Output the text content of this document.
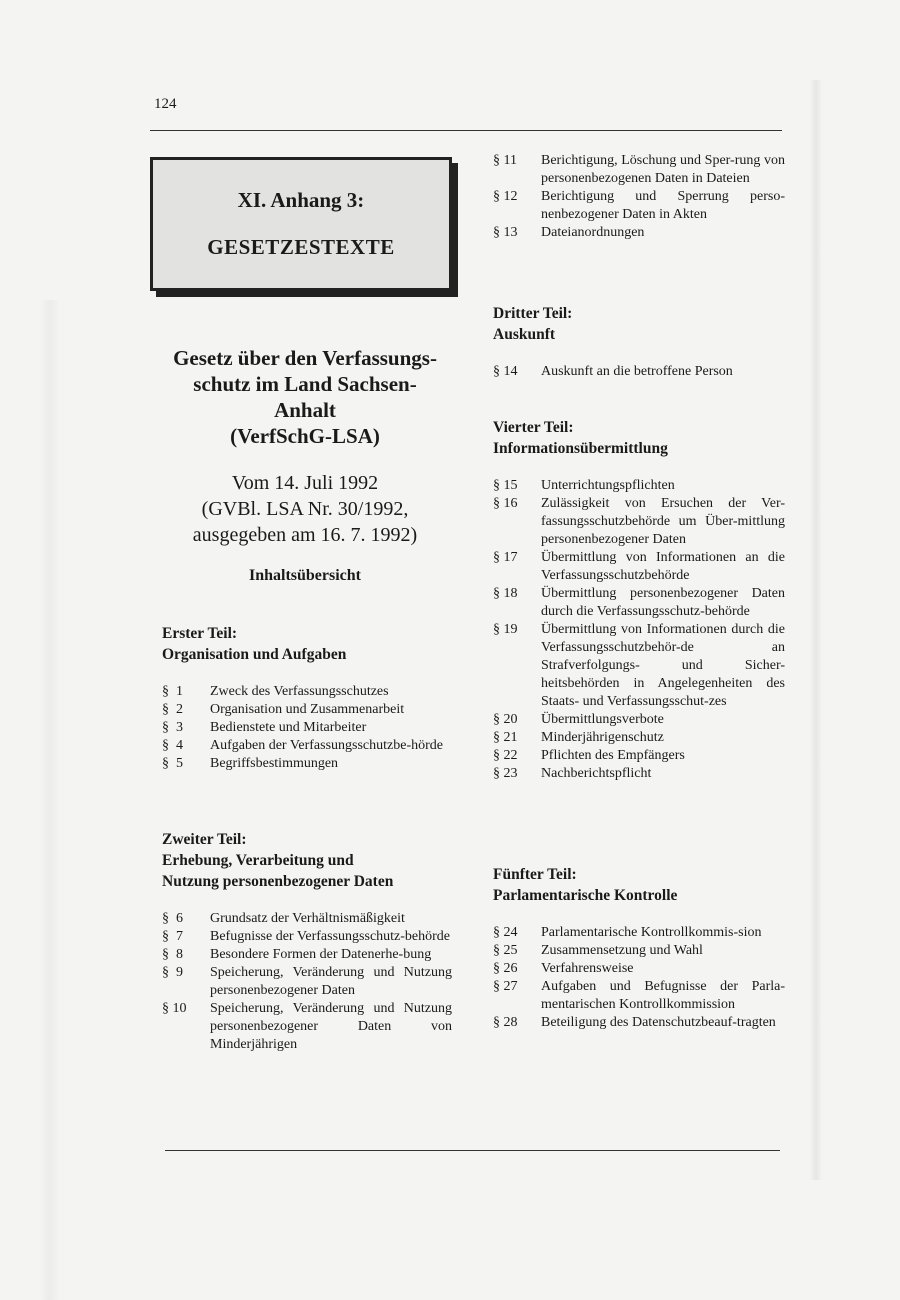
124
XI. Anhang 3:
GESETZESTEXTE
Gesetz über den Verfassungs-
schutz im Land Sachsen-
Anhalt
(VerfSchG-LSA)
Vom 14. Juli 1992
(GVBl. LSA Nr. 30/1992,
ausgegeben am 16. 7. 1992)
Inhaltsübersicht
Erster Teil:
Organisation und Aufgaben
§  1	Zweck des Verfassungsschutzes
§  2	Organisation und Zusammenarbeit
§  3	Bedienstete und Mitarbeiter
§  4	Aufgaben der Verfassungsschutzbe-hörde
§  5	Begriffsbestimmungen
Zweiter Teil:
Erhebung, Verarbeitung und
Nutzung personenbezogener Daten
§  6	Grundsatz der Verhältnismäßigkeit
§  7	Befugnisse der Verfassungsschutz-behörde
§  8	Besondere Formen der Datenerhe-bung
§  9	Speicherung, Veränderung und Nutzung personenbezogener Daten
§ 10	Speicherung, Veränderung und Nutzung personenbezogener Daten von Minderjährigen
§ 11	Berichtigung, Löschung und Sper-rung von personenbezogenen Daten in Dateien
§ 12	Berichtigung und Sperrung perso-nenbezogener Daten in Akten
§ 13	Dateianordnungen
Dritter Teil:
Auskunft
§ 14	Auskunft an die betroffene Person
Vierter Teil:
Informationsübermittlung
§ 15	Unterrichtungspflichten
§ 16	Zulässigkeit von Ersuchen der Ver-fassungsschutzbehörde um Über-mittlung personenbezogener Daten
§ 17	Übermittlung von Informationen an die Verfassungsschutzbehörde
§ 18	Übermittlung personenbezogener Daten durch die Verfassungsschutz-behörde
§ 19	Übermittlung von Informationen durch die Verfassungsschutzbehör-de an Strafverfolgungs- und Sicher-heitsbehörden in Angelegenheiten des Staats- und Verfassungsschut-zes
§ 20	Übermittlungsverbote
§ 21	Minderjährigenschutz
§ 22	Pflichten des Empfängers
§ 23	Nachberichtspflicht
Fünfter Teil:
Parlamentarische Kontrolle
§ 24	Parlamentarische Kontrollkommis-sion
§ 25	Zusammensetzung und Wahl
§ 26	Verfahrensweise
§ 27	Aufgaben und Befugnisse der Parla-mentarischen Kontrollkommission
§ 28	Beteiligung des Datenschutzbeauf-tragten
